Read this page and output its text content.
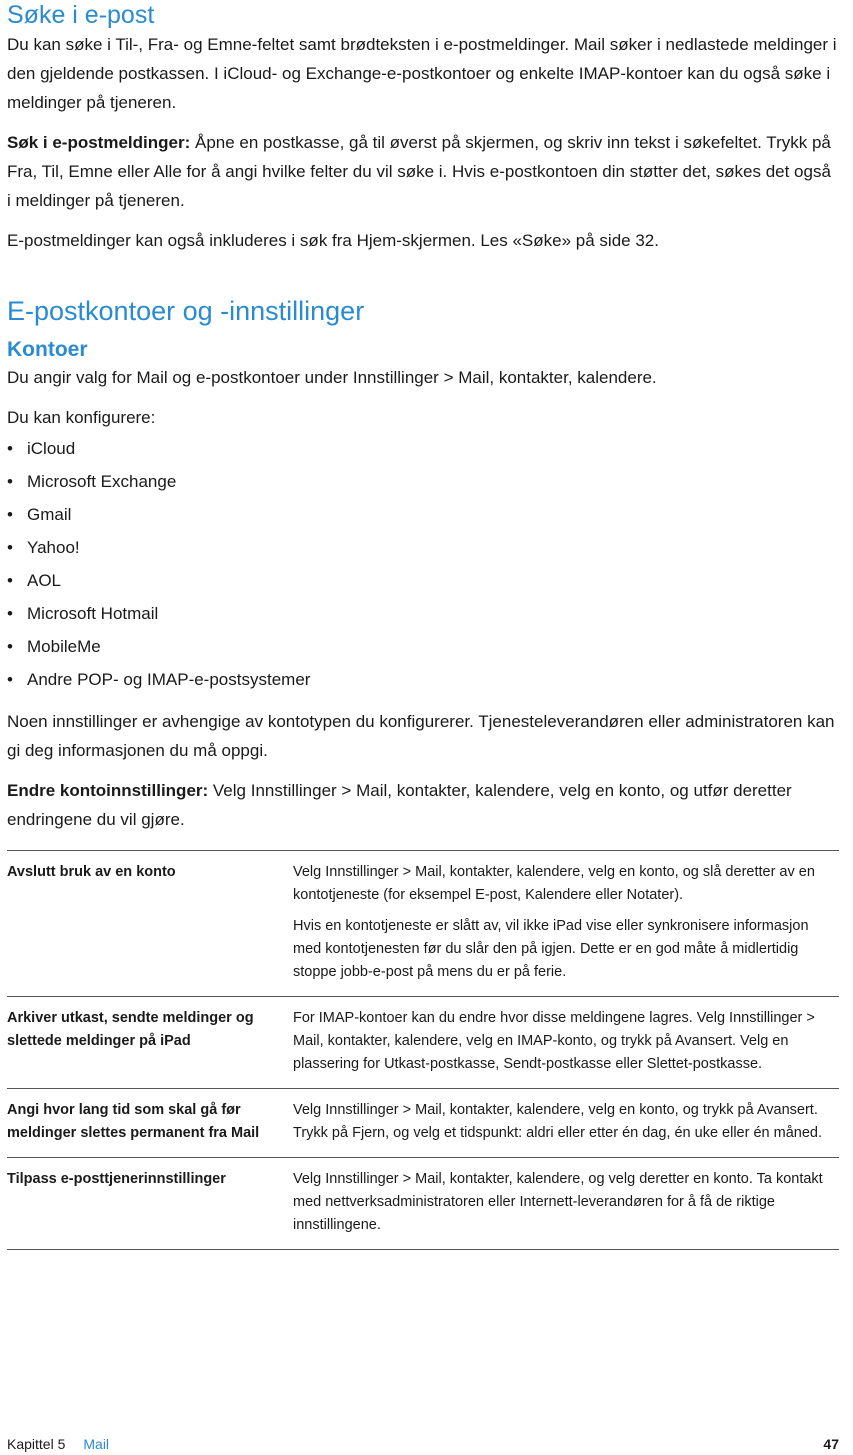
Søke i e-post

Du kan søke i Til-, Fra- og Emne-feltet samt brødteksten i e-postmeldinger. Mail søker i nedlastede meldinger i den gjeldende postkassen. I iCloud- og Exchange-e-postkontoer og enkelte IMAP-kontoer kan du også søke i meldinger på tjeneren.

Søk i e-postmeldinger: Åpne en postkasse, gå til øverst på skjermen, og skriv inn tekst i søkefeltet. Trykk på Fra, Til, Emne eller Alle for å angi hvilke felter du vil søke i. Hvis e-postkontoen din støtter det, søkes det også i meldinger på tjeneren.

E-postmeldinger kan også inkluderes i søk fra Hjem-skjermen. Les «Søke» på side 32.

E-postkontoer og -innstillinger
Kontoer

Du angir valg for Mail og e-postkontoer under Innstillinger > Mail, kontakter, kalendere.

Du kan konfigurere:

• iCloud
• Microsoft Exchange
• Gmail
• Yahoo!
• AOL
• Microsoft Hotmail
• MobileMe
• Andre POP- og IMAP-e-postsystemer

Noen innstillinger er avhengige av kontotypen du konfigurerer. Tjenesteleverandøren eller administratoren kan gi deg informasjonen du må oppgi.

Endre kontoinnstillinger: Velg Innstillinger > Mail, kontakter, kalendere, velg en konto, og utfør deretter endringene du vil gjøre.

Avslutt bruk av en konto	Velg Innstillinger > Mail, kontakter, kalendere, velg en konto, og slå deretter av en kontotjeneste (for eksempel E-post, Kalendere eller Notater).

Hvis en kontotjeneste er slått av, vil ikke iPad vise eller synkronisere informasjon med kontotjenesten før du slår den på igjen. Dette er en god måte å midlertidig stoppe jobb-e-post på mens du er på ferie.

Arkiver utkast, sendte meldinger og slettede meldinger på iPad	For IMAP-kontoer kan du endre hvor disse meldingene lagres. Velg Innstillinger > Mail, kontakter, kalendere, velg en IMAP-konto, og trykk på Avansert. Velg en plassering for Utkast-postkasse, Sendt-postkasse eller Slettet-postkasse.

Angi hvor lang tid som skal gå før meldinger slettes permanent fra Mail	Velg Innstillinger > Mail, kontakter, kalendere, velg en konto, og trykk på Avansert. Trykk på Fjern, og velg et tidspunkt: aldri eller etter én dag, én uke eller én måned.

Tilpass e-posttjenerinnstillinger	Velg Innstillinger > Mail, kontakter, kalendere, og velg deretter en konto. Ta kontakt med nettverksadministratoren eller Internett-leverandøren for å få de riktige innstillingene.

Kapittel 5 Mail	47
